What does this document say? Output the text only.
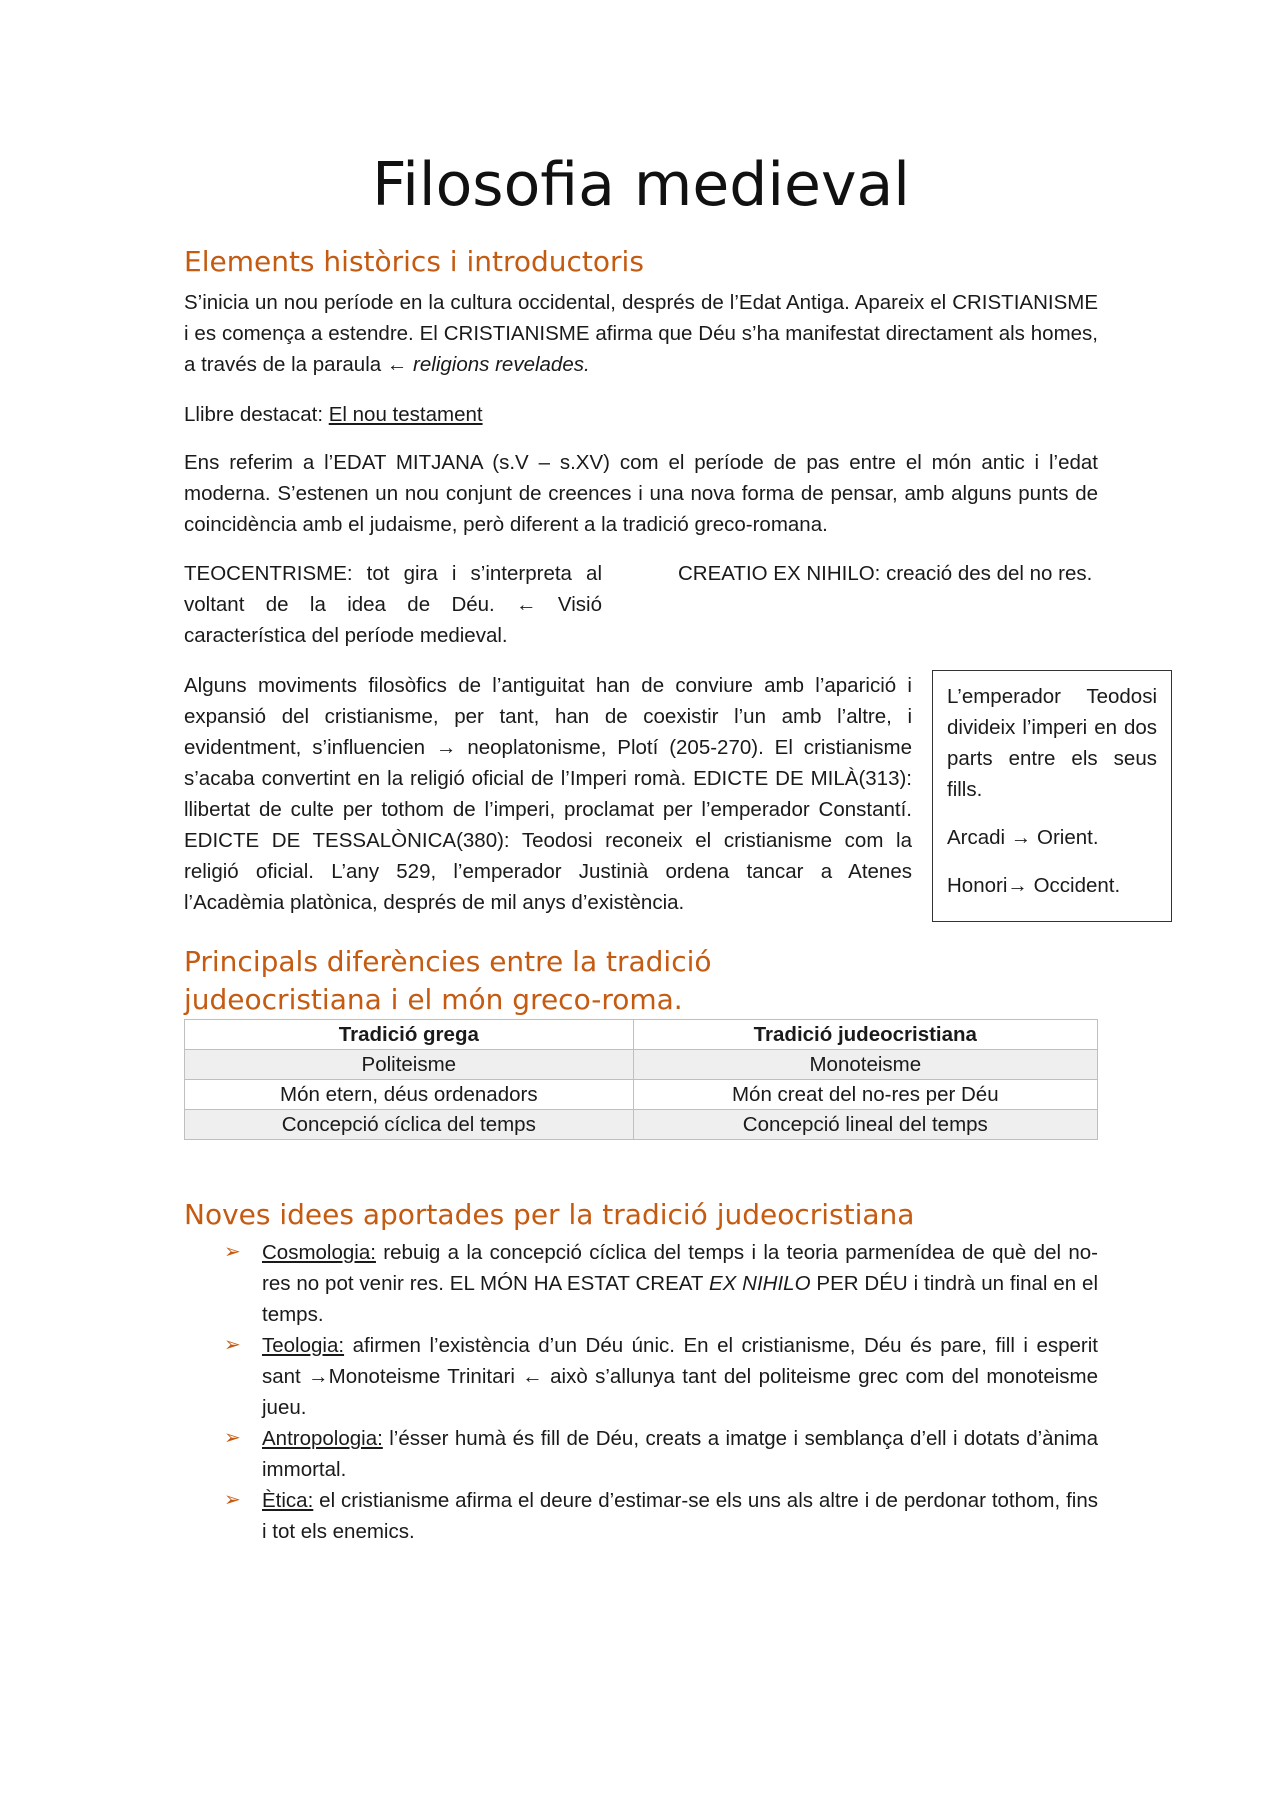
Filosofia medieval
Elements històrics i introductoris

S’inicia un nou període en la cultura occidental, després de l’Edat Antiga. Apareix el CRISTIANISME i es comença a estendre. El CRISTIANISME afirma que Déu s’ha manifestat directament als homes, a través de la paraula ← religions revelades.

Llibre destacat: El nou testament

Ens referim a l’EDAT MITJANA (s.V – s.XV) com el període de pas entre el món antic i l’edat moderna. S’estenen un nou conjunt de creences i una nova forma de pensar, amb alguns punts de coincidència amb el judaisme, però diferent a la tradició greco-romana.

TEOCENTRISME: tot gira i s’interpreta al voltant de la idea de Déu. ← Visió característica del període medieval.

CREATIO EX NIHILO: creació des del no res.

Alguns moviments filosòfics de l’antiguitat han de conviure amb l’aparició i expansió del cristianisme, per tant, han de coexistir l’un amb l’altre, i evidentment, s’influencien → neoplatonisme, Plotí (205-270). El cristianisme s’acaba convertint en la religió oficial de l’Imperi romà. EDICTE DE MILÀ(313): llibertat de culte per tothom de l’imperi, proclamat per l’emperador Constantí. EDICTE DE TESSALÒNICA(380): Teodosi reconeix el cristianisme com la religió oficial. L’any 529, l’emperador Justinià ordena tancar a Atenes l’Acadèmia platònica, després de mil anys d’existència.

Principals diferències entre la tradició judeocristiana i el món greco-roma.
Tradició grega	Tradició judeocristiana
Politeisme	Monoteisme
Món etern, déus ordenadors	Món creat del no-res per Déu
Concepció cíclica del temps	Concepció lineal del temps
Noves idees aportades per la tradició judeocristiana
➢ Cosmologia: rebuig a la concepció cíclica del temps i la teoria parmenídea de què del no-res no pot venir res. EL MÓN HA ESTAT CREAT EX NIHILO PER DÉU i tindrà un final en el temps.
➢ Teologia: afirmen l’existència d’un Déu únic. En el cristianisme, Déu és pare, fill i esperit sant →Monoteisme Trinitari ← això s’allunya tant del politeisme grec com del monoteisme jueu.
➢ Antropologia: l’ésser humà és fill de Déu, creats a imatge i semblança d’ell i dotats d’ànima immortal.
➢ Ètica: el cristianisme afirma el deure d’estimar-se els uns als altre i de perdonar tothom, fins i tot els enemics.

L’emperador Teodosi divideix l’imperi en dos parts entre els seus fills.

Arcadi → Orient.

Honori→ Occident.
